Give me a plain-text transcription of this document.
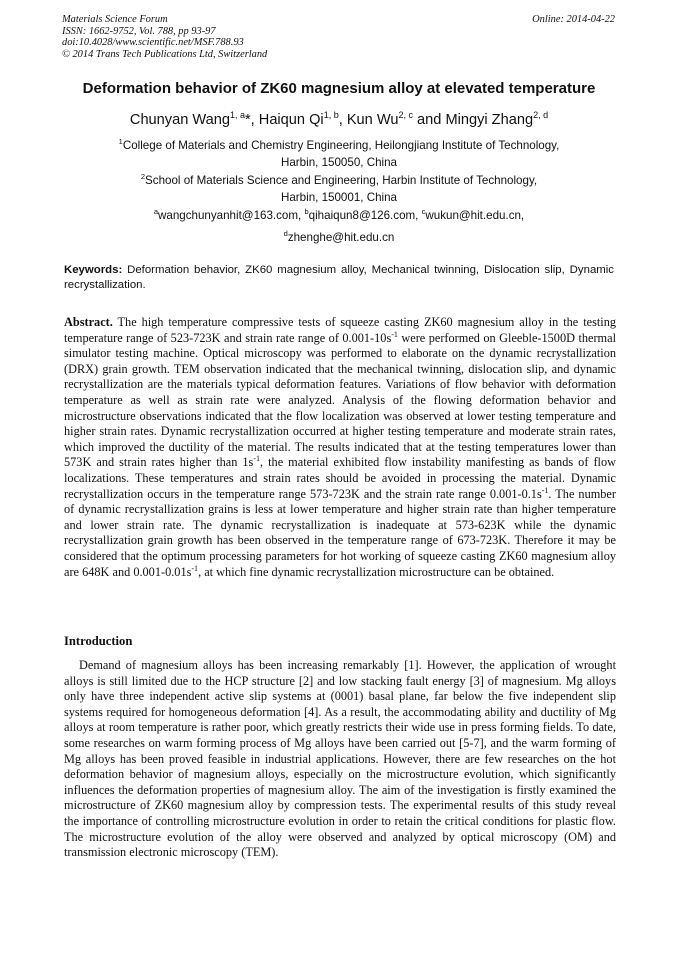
Materials Science Forum
ISSN: 1662-9752, Vol. 788, pp 93-97
doi:10.4028/www.scientific.net/MSF.788.93
© 2014 Trans Tech Publications Ltd, Switzerland
Online: 2014-04-22
Deformation behavior of ZK60 magnesium alloy at elevated temperature
Chunyan Wang$^{1, a}$*, Haiqun Qi$^{1, b}$, Kun Wu$^{2, c}$ and Mingyi Zhang$^{2, d}$
$^1$College of Materials and Chemistry Engineering, Heilongjiang Institute of Technology,
Harbin, 150050, China
$^2$School of Materials Science and Engineering, Harbin Institute of Technology,
Harbin, 150001, China
$^a$wangchunyanhit@163.com, $^b$qihaiqun8@126.com, $^c$wukun@hit.edu.cn,
$^d$zhenghe@hit.edu.cn
Keywords: Deformation behavior, ZK60 magnesium alloy, Mechanical twinning, Dislocation slip, Dynamic recrystallization.
Abstract. The high temperature compressive tests of squeeze casting ZK60 magnesium alloy in the testing temperature range of 523-723K and strain rate range of $0.001-10s^{-1}$ were performed on Gleeble-1500D thermal simulator testing machine. Optical microscopy was performed to elaborate on the dynamic recrystallization (DRX) grain growth. TEM observation indicated that the mechanical twinning, dislocation slip, and dynamic recrystallization are the materials typical deformation features. Variations of flow behavior with deformation temperature as well as strain rate were analyzed. Analysis of the flowing deformation behavior and microstructure observations indicated that the flow localization was observed at lower testing temperature and higher strain rates. Dynamic recrystallization occurred at higher testing temperature and moderate strain rates, which improved the ductility of the material. The results indicated that at the testing temperatures lower than 573K and strain rates higher than $1s^{-1}$, the material exhibited flow instability manifesting as bands of flow localizations. These temperatures and strain rates should be avoided in processing the material. Dynamic recrystallization occurs in the temperature range 573-723K and the strain rate range $0.001-0.1s^{-1}$. The number of dynamic recrystallization grains is less at lower temperature and higher strain rate than higher temperature and lower strain rate. The dynamic recrystallization is inadequate at 573-623K while the dynamic recrystallization grain growth has been observed in the temperature range of 673-723K. Therefore it may be considered that the optimum processing parameters for hot working of squeeze casting ZK60 magnesium alloy are 648K and $0.001-0.01s^{-1}$, at which fine dynamic recrystallization microstructure can be obtained.
Introduction
Demand of magnesium alloys has been increasing remarkably [1]. However, the application of wrought alloys is still limited due to the HCP structure [2] and low stacking fault energy [3] of magnesium. Mg alloys only have three independent active slip systems at (0001) basal plane, far below the five independent slip systems required for homogeneous deformation [4]. As a result, the accommodating ability and ductility of Mg alloys at room temperature is rather poor, which greatly restricts their wide use in press forming fields. To date, some researches on warm forming process of Mg alloys have been carried out [5-7], and the warm forming of Mg alloys has been proved feasible in industrial applications. However, there are few researches on the hot deformation behavior of magnesium alloys, especially on the microstructure evolution, which significantly influences the deformation properties of magnesium alloy. The aim of the investigation is firstly examined the microstructure of ZK60 magnesium alloy by compression tests. The experimental results of this study reveal the importance of controlling microstructure evolution in order to retain the critical conditions for plastic flow. The microstructure evolution of the alloy were observed and analyzed by optical microscopy (OM) and transmission electronic microscopy (TEM).
